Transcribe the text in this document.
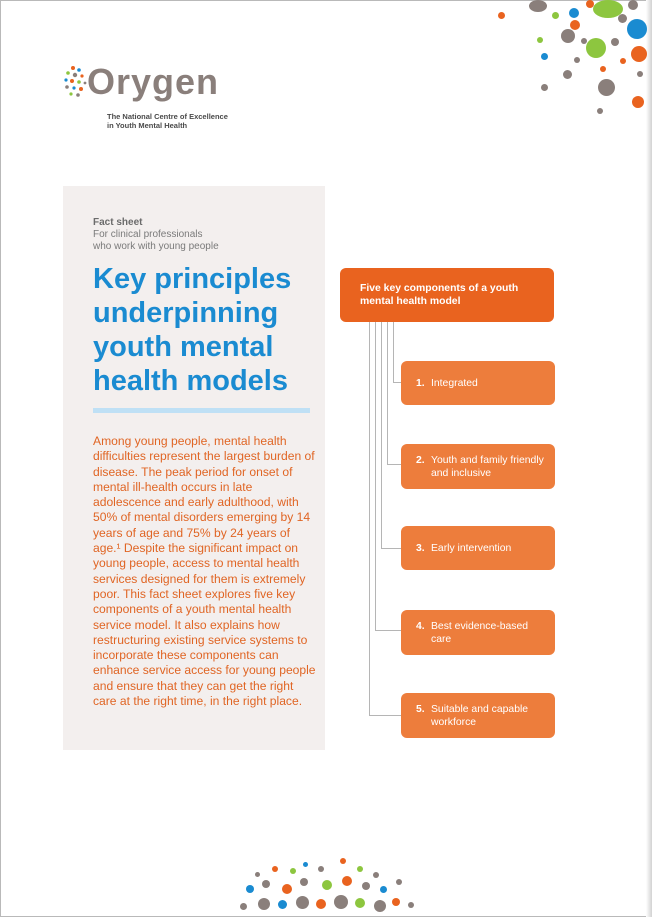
Orygen
The National Centre of Excellence
in Youth Mental Health
Fact sheet
For clinical professionals
who work with young people
Key principles underpinning youth mental health models
Among young people, mental health difficulties represent the largest burden of disease. The peak period for onset of mental ill-health occurs in late adolescence and early adulthood, with 50% of mental disorders emerging by 14 years of age and 75% by 24 years of age.¹ Despite the significant impact on young people, access to mental health services designed for them is extremely poor. This fact sheet explores five key components of a youth mental health service model. It also explains how restructuring existing service systems to incorporate these components can enhance service access for young people and ensure that they can get the right care at the right time, in the right place.
Five key components of a youth mental health model
1. Integrated
2. Youth and family friendly and inclusive
3. Early intervention
4. Best evidence-based care
5. Suitable and capable workforce
